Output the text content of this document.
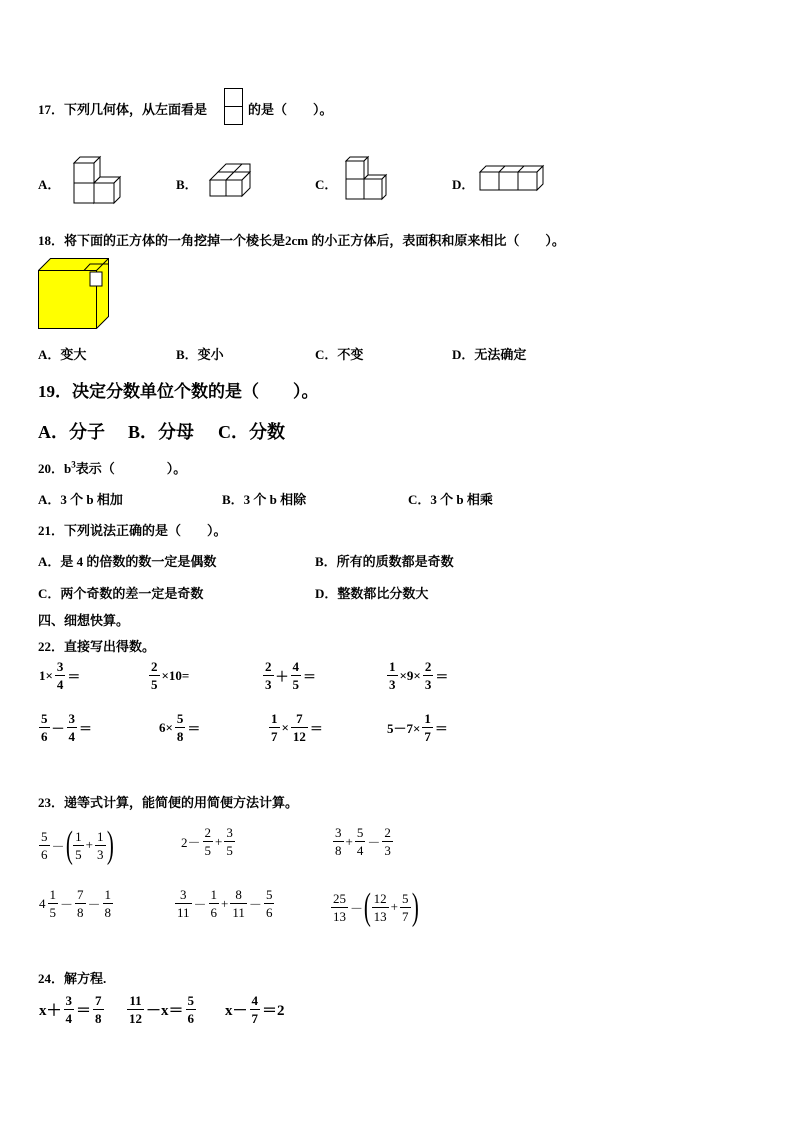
17．下列几何体，从左面看是	的是（　　）。
A．	B．	C．	D．
18．将下面的正方体的一角挖掉一个棱长是2cm 的小正方体后，表面积和原来相比（　　）。
A．变大	B．变小	C．不变	D．无法确定
19．决定分数单位个数的是（　　）。
A．分子 B．分母 C．分数
20．$b^3$表示（　　　　）。
A．3 个 b 相加	B．3 个 b 相除	C．3 个 b 相乘
21．下列说法正确的是（　　）。
A．是 4 的倍数的数一定是偶数	B．所有的质数都是奇数
C．两个奇数的差一定是奇数	D．整数都比分数大
四、细想快算。
22．直接写出得数。
$1\times \frac{3}{4}$ ＝	$\frac{2}{5} \times 10=$	$\frac{2}{3} + \frac{4}{5}$ ＝	$\frac{1}{3} \times 9\times \frac{2}{3}$ ＝
$\frac{5}{6} - \frac{3}{4}$ ＝	$6\times \frac{5}{8}$ ＝	$\frac{1}{7} \times \frac{7}{12}$ ＝	$5-7\times \frac{1}{7}$ ＝
23．递等式计算，能简便的用简便方法计算。
$\frac{5}{6}$ － ( $\frac{1}{5} + \frac{1}{3}$ )	$2- \frac{2}{5} + \frac{3}{5}$	$\frac{3}{8} + \frac{5}{4} - \frac{2}{3}$
$4 \frac{1}{5} - \frac{7}{8} - \frac{1}{8}$	$\frac{3}{11} - \frac{1}{6} + \frac{8}{11} - \frac{5}{6}$	$\frac{25}{13}$ － ( $\frac{12}{13} + \frac{5}{7}$ )
24．解方程.
$x+ \frac{3}{4} = \frac{7}{8} \frac{11}{12} -x= \frac{5}{6} x- \frac{4}{7} =2$
